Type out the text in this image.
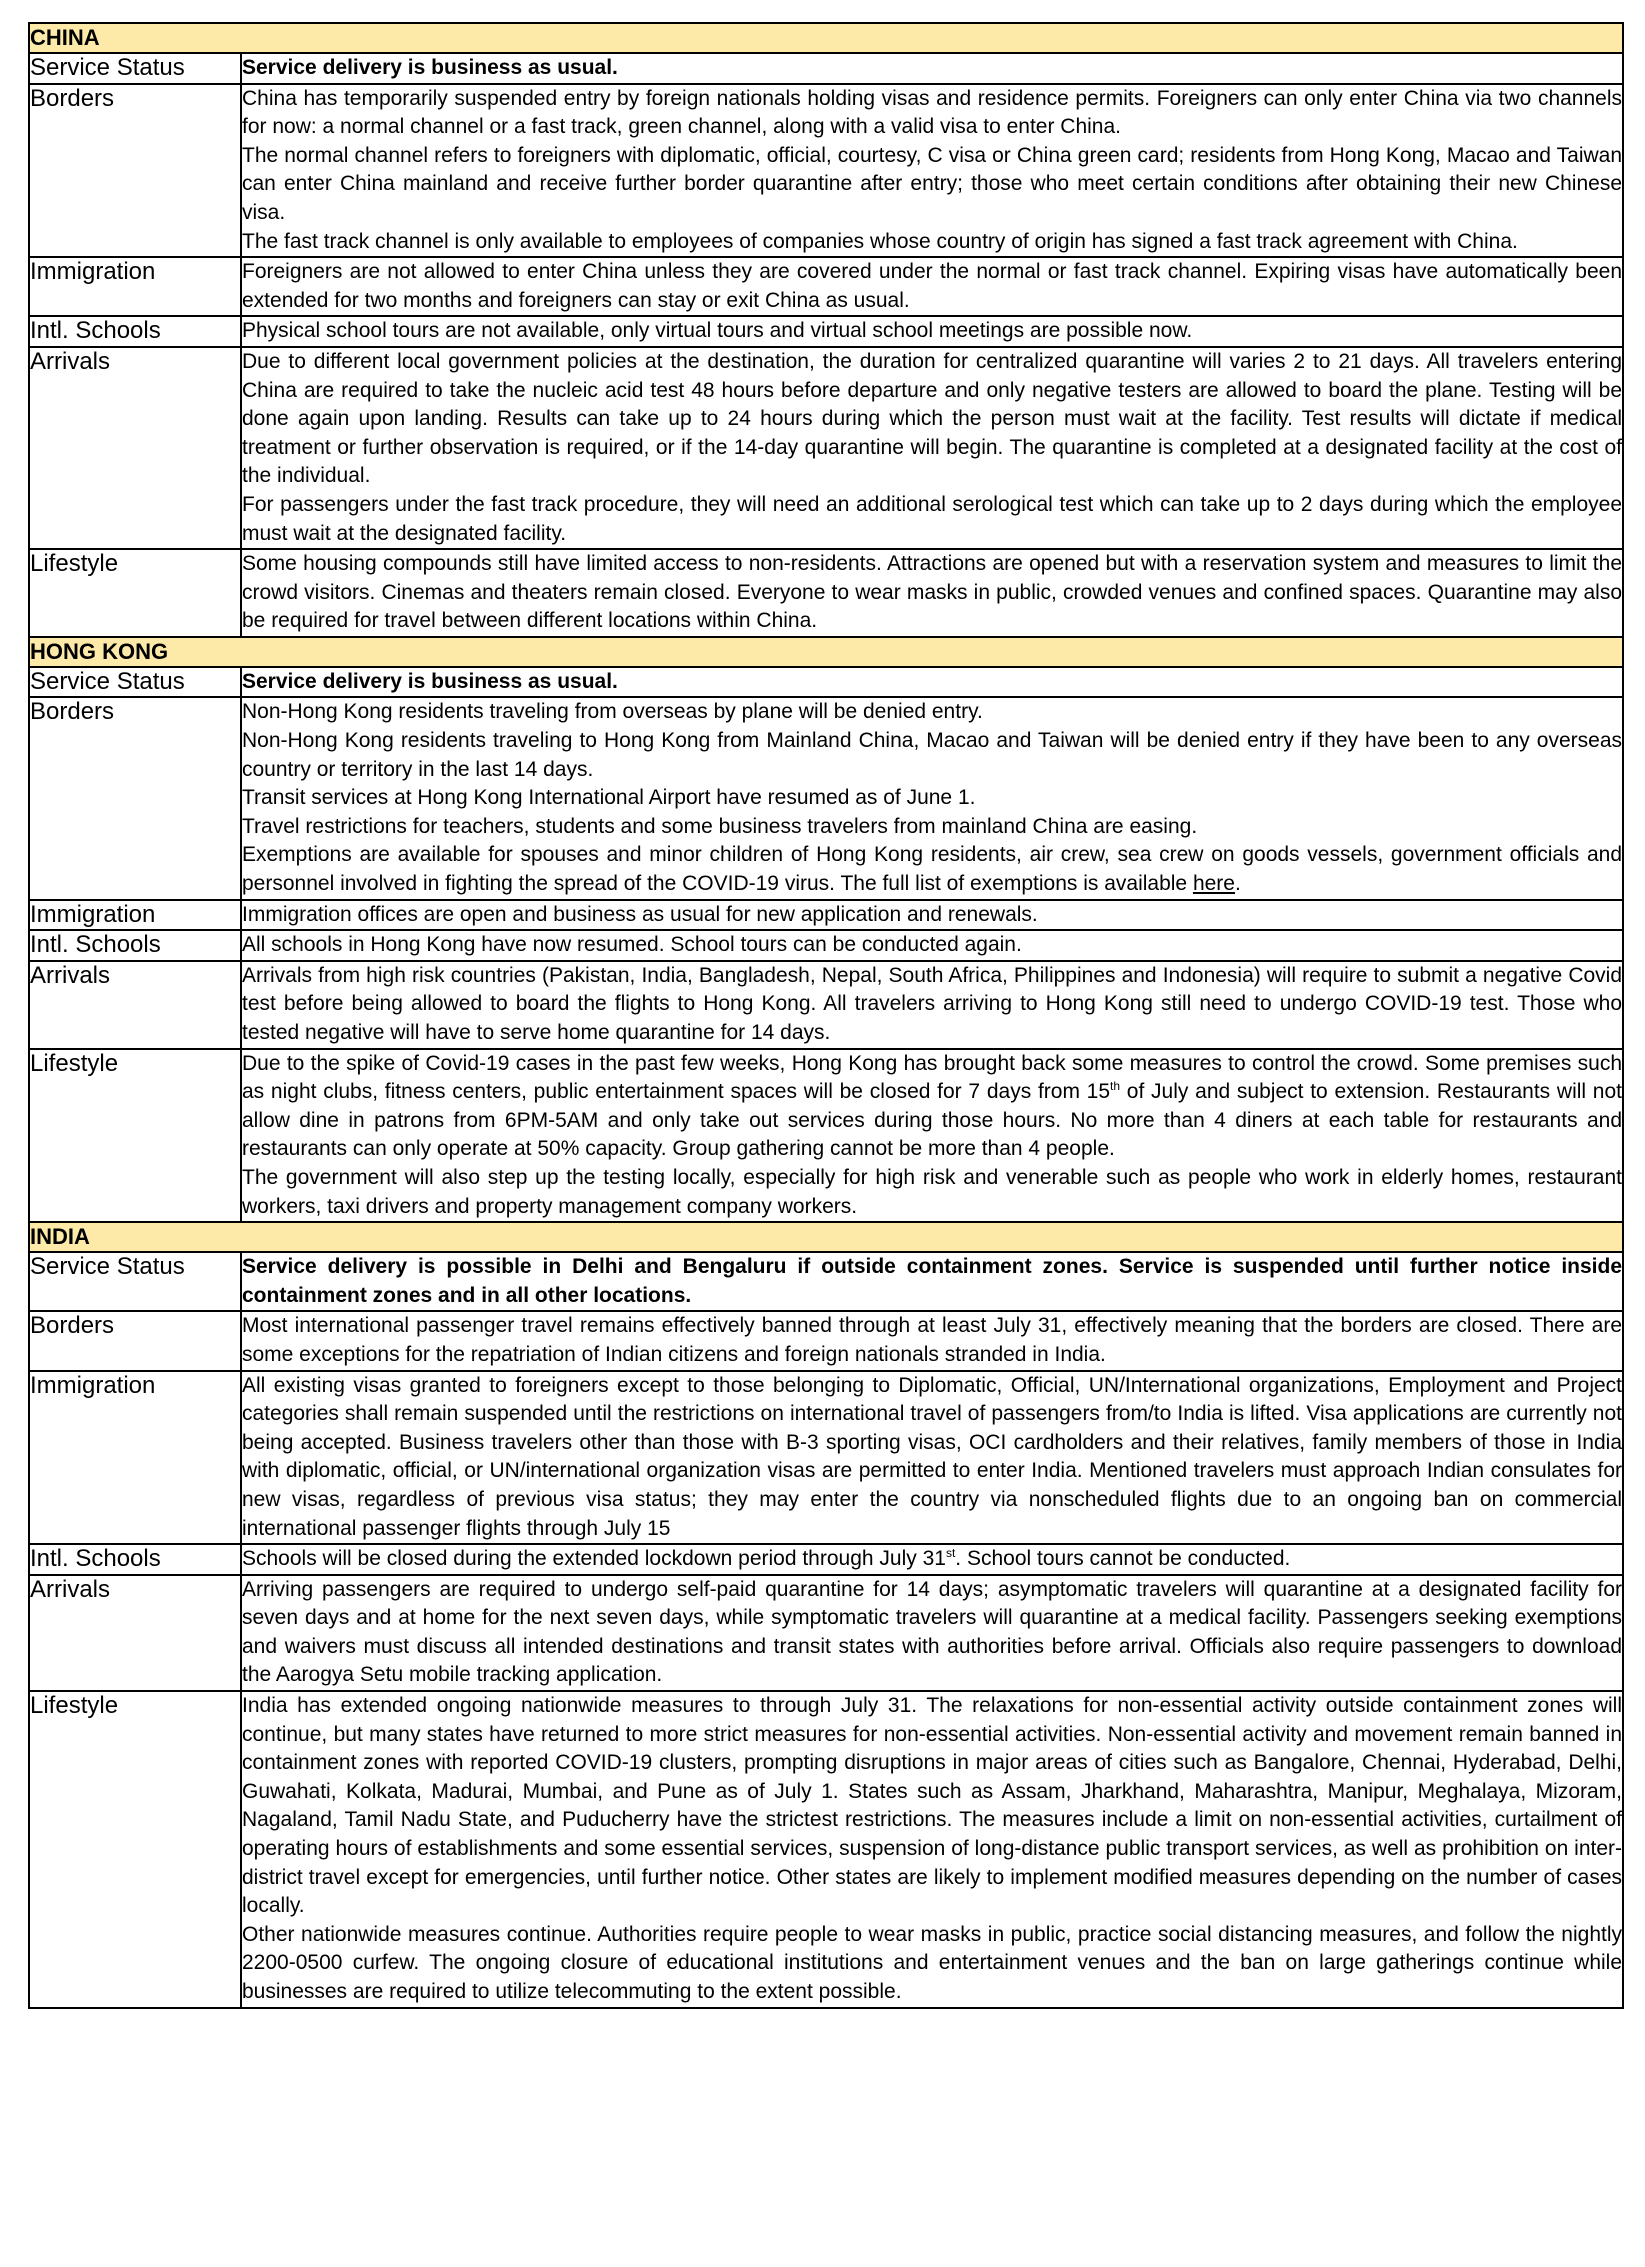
CHINA	
Service Status	Service delivery is business as usual.

Borders	China has temporarily suspended entry by foreign nationals holding visas and residence permits. Foreigners can only enter China via two channels for now: a normal channel or a fast track, green channel, along with a valid visa to enter China.

The normal channel refers to foreigners with diplomatic, official, courtesy, C visa or China green card; residents from Hong Kong, Macao and Taiwan can enter China mainland and receive further border quarantine after entry; those who meet certain conditions after obtaining their new Chinese visa.

The fast track channel is only available to employees of companies whose country of origin has signed a fast track agreement with China.

Immigration	Foreigners are not allowed to enter China unless they are covered under the normal or fast track channel. Expiring visas have automatically been extended for two months and foreigners can stay or exit China as usual.

Intl. Schools	Physical school tours are not available, only virtual tours and virtual school meetings are possible now.

Arrivals	Due to different local government policies at the destination, the duration for centralized quarantine will varies 2 to 21 days. All travelers entering China are required to take the nucleic acid test 48 hours before departure and only negative testers are allowed to board the plane. Testing will be done again upon landing. Results can take up to 24 hours during which the person must wait at the facility. Test results will dictate if medical treatment or further observation is required, or if the 14-day quarantine will begin. The quarantine is completed at a designated facility at the cost of the individual.

For passengers under the fast track procedure, they will need an additional serological test which can take up to 2 days during which the employee must wait at the designated facility.

Lifestyle	Some housing compounds still have limited access to non-residents. Attractions are opened but with a reservation system and measures to limit the crowd visitors. Cinemas and theaters remain closed. Everyone to wear masks in public, crowded venues and confined spaces. Quarantine may also be required for travel between different locations within China.

HONG KONG	
Service Status	Service delivery is business as usual.

Borders	Non-Hong Kong residents traveling from overseas by plane will be denied entry.

Non-Hong Kong residents traveling to Hong Kong from Mainland China, Macao and Taiwan will be denied entry if they have been to any overseas country or territory in the last 14 days.

Transit services at Hong Kong International Airport have resumed as of June 1.

Travel restrictions for teachers, students and some business travelers from mainland China are easing.

Exemptions are available for spouses and minor children of Hong Kong residents, air crew, sea crew on goods vessels, government officials and personnel involved in fighting the spread of the COVID-19 virus. The full list of exemptions is available here.

Immigration	Immigration offices are open and business as usual for new application and renewals.

Intl. Schools	All schools in Hong Kong have now resumed. School tours can be conducted again.

Arrivals	Arrivals from high risk countries (Pakistan, India, Bangladesh, Nepal, South Africa, Philippines and Indonesia) will require to submit a negative Covid test before being allowed to board the flights to Hong Kong. All travelers arriving to Hong Kong still need to undergo COVID-19 test. Those who tested negative will have to serve home quarantine for 14 days.

Lifestyle	Due to the spike of Covid-19 cases in the past few weeks, Hong Kong has brought back some measures to control the crowd. Some premises such as night clubs, fitness centers, public entertainment spaces will be closed for 7 days from 15th of July and subject to extension. Restaurants will not allow dine in patrons from 6PM-5AM and only take out services during those hours. No more than 4 diners at each table for restaurants and restaurants can only operate at 50% capacity. Group gathering cannot be more than 4 people.

The government will also step up the testing locally, especially for high risk and venerable such as people who work in elderly homes, restaurant workers, taxi drivers and property management company workers.

INDIA	
Service Status	Service delivery is possible in Delhi and Bengaluru if outside containment zones. Service is suspended until further notice inside containment zones and in all other locations.

Borders	Most international passenger travel remains effectively banned through at least July 31, effectively meaning that the borders are closed. There are some exceptions for the repatriation of Indian citizens and foreign nationals stranded in India.

Immigration	All existing visas granted to foreigners except to those belonging to Diplomatic, Official, UN/International organizations, Employment and Project categories shall remain suspended until the restrictions on international travel of passengers from/to India is lifted. Visa applications are currently not being accepted. Business travelers other than those with B-3 sporting visas, OCI cardholders and their relatives, family members of those in India with diplomatic, official, or UN/international organization visas are permitted to enter India. Mentioned travelers must approach Indian consulates for new visas, regardless of previous visa status; they may enter the country via nonscheduled flights due to an ongoing ban on commercial international passenger flights through July 15

Intl. Schools	Schools will be closed during the extended lockdown period through July 31st. School tours cannot be conducted.

Arrivals	Arriving passengers are required to undergo self-paid quarantine for 14 days; asymptomatic travelers will quarantine at a designated facility for seven days and at home for the next seven days, while symptomatic travelers will quarantine at a medical facility. Passengers seeking exemptions and waivers must discuss all intended destinations and transit states with authorities before arrival. Officials also require passengers to download the Aarogya Setu mobile tracking application.

Lifestyle	India has extended ongoing nationwide measures to through July 31. The relaxations for non-essential activity outside containment zones will continue, but many states have returned to more strict measures for non-essential activities. Non-essential activity and movement remain banned in containment zones with reported COVID-19 clusters, prompting disruptions in major areas of cities such as Bangalore, Chennai, Hyderabad, Delhi, Guwahati, Kolkata, Madurai, Mumbai, and Pune as of July 1. States such as Assam, Jharkhand, Maharashtra, Manipur, Meghalaya, Mizoram, Nagaland, Tamil Nadu State, and Puducherry have the strictest restrictions. The measures include a limit on non-essential activities, curtailment of operating hours of establishments and some essential services, suspension of long-distance public transport services, as well as prohibition on inter-district travel except for emergencies, until further notice. Other states are likely to implement modified measures depending on the number of cases locally.

Other nationwide measures continue. Authorities require people to wear masks in public, practice social distancing measures, and follow the nightly 2200-0500 curfew. The ongoing closure of educational institutions and entertainment venues and the ban on large gatherings continue while businesses are required to utilize telecommuting to the extent possible.
